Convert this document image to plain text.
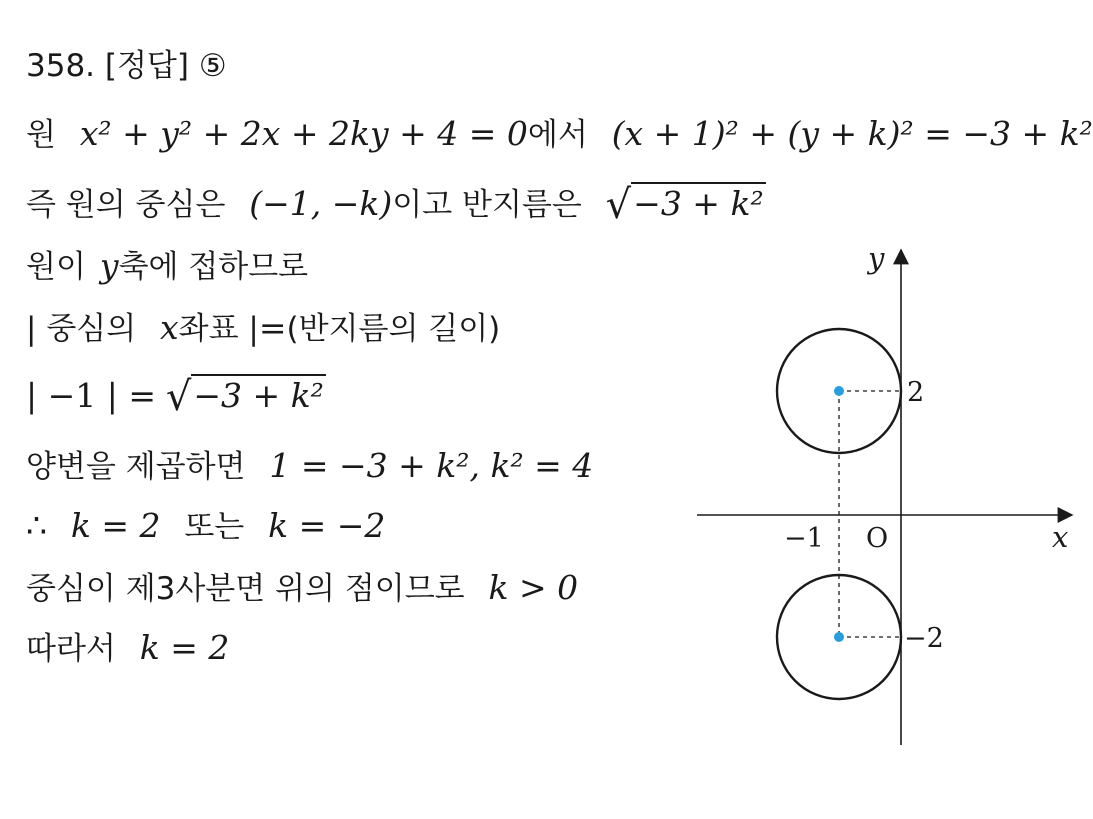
358. [정답] ⑤
원 x² + y² + 2x + 2ky + 4 = 0에서 (x + 1)² + (y + k)² = −3 + k²
즉 원의 중심은 (−1, −k)이고 반지름은 √−3 + k²
원이 y축에 접하므로
| 중심의 x좌표 |=(반지름의 길이)
| −1 | = √−3 + k²
양변을 제곱하면 1 = −3 + k², k² = 4
∴ k = 2 또는 k = −2
중심이 제3사분면 위의 점이므로 k > 0
따라서 k = 2
y
x
O
−1
2
−2
